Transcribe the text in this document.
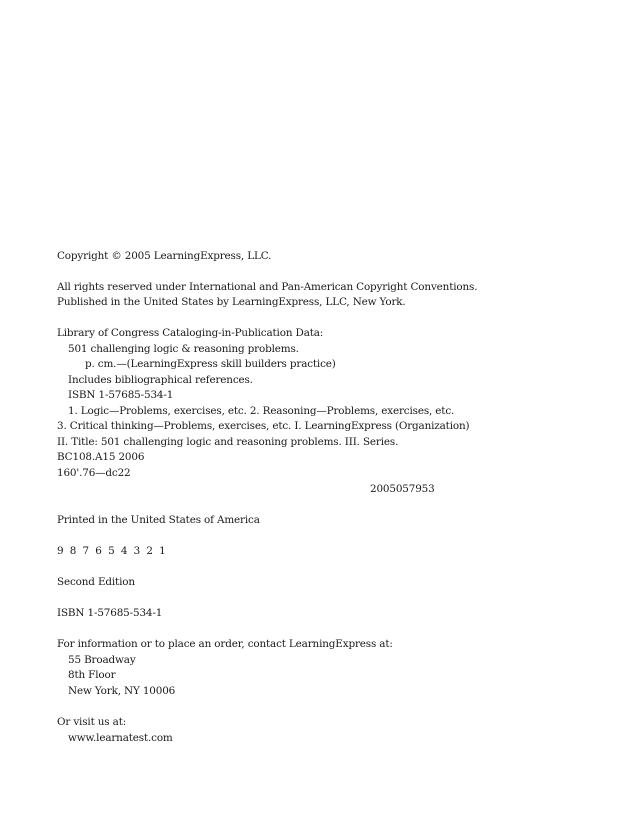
Copyright © 2005 LearningExpress, LLC.
All rights reserved under International and Pan-American Copyright Conventions.
Published in the United States by LearningExpress, LLC, New York.
Library of Congress Cataloging-in-Publication Data:
501 challenging logic & reasoning problems.
p. cm.—(LearningExpress skill builders practice)
Includes bibliographical references.
ISBN 1-57685-534-1
1. Logic—Problems, exercises, etc. 2. Reasoning—Problems, exercises, etc.
3. Critical thinking—Problems, exercises, etc. I. LearningExpress (Organization)
II. Title: 501 challenging logic and reasoning problems. III. Series.
BC108.A15 2006
160'.76—dc22
2005057953
Printed in the United States of America
9  8  7  6  5  4  3  2  1
Second Edition
ISBN 1-57685-534-1
For information or to place an order, contact LearningExpress at:
55 Broadway
8th Floor
New York, NY 10006
Or visit us at:
www.learnatest.com
